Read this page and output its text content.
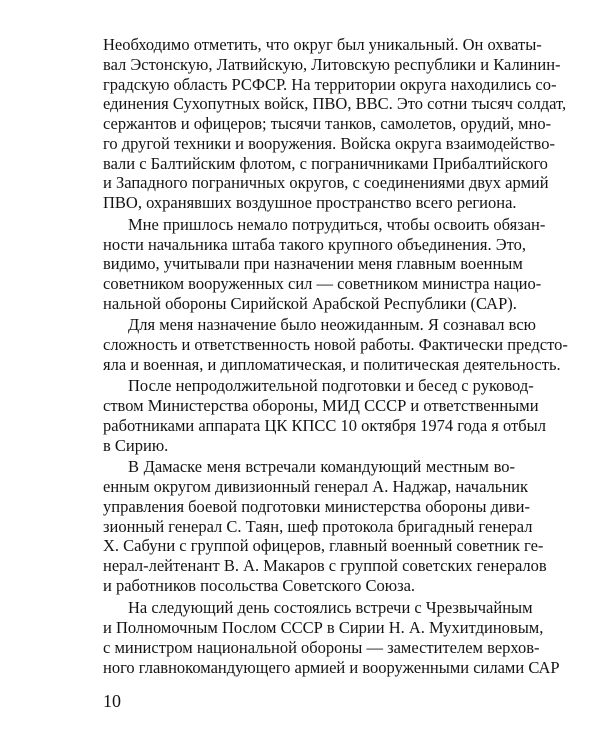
Необходимо отметить, что округ был уникальный. Он охваты-
вал Эстонскую, Латвийскую, Литовскую республики и Калинин-
градскую область РСФСР. На территории округа находились со-
единения Сухопутных войск, ПВО, ВВС. Это сотни тысяч солдат,
сержантов и офицеров; тысячи танков, самолетов, орудий, мно-
го другой техники и вооружения. Войска округа взаимодейство-
вали с Балтийским флотом, с пограничниками Прибалтийского
и Западного пограничных округов, с соединениями двух армий
ПВО, охранявших воздушное пространство всего региона.
Мне пришлось немало потрудиться, чтобы освоить обязан-
ности начальника штаба такого крупного объединения. Это,
видимо, учитывали при назначении меня главным военным
советником вооруженных сил — советником министра нацио-
нальной обороны Сирийской Арабской Республики (САР).
Для меня назначение было неожиданным. Я сознавал всю
сложность и ответственность новой работы. Фактически предсто-
яла и военная, и дипломатическая, и политическая деятельность.
После непродолжительной подготовки и бесед с руковод-
ством Министерства обороны, МИД СССР и ответственными
работниками аппарата ЦК КПСС 10 октября 1974 года я отбыл
в Сирию.
В Дамаске меня встречали командующий местным во-
енным округом дивизионный генерал А. Наджар, начальник
управления боевой подготовки министерства обороны диви-
зионный генерал С. Таян, шеф протокола бригадный генерал
Х. Сабуни с группой офицеров, главный военный советник ге-
нерал-лейтенант В. А. Макаров с группой советских генералов
и работников посольства Советского Союза.
10
На следующий день состоялись встречи с Чрезвычайным
и Полномочным Послом СССР в Сирии Н. А. Мухитдиновым,
с министром национальной обороны — заместителем верхов-
ного главнокомандующего армией и вооруженными силами САР
